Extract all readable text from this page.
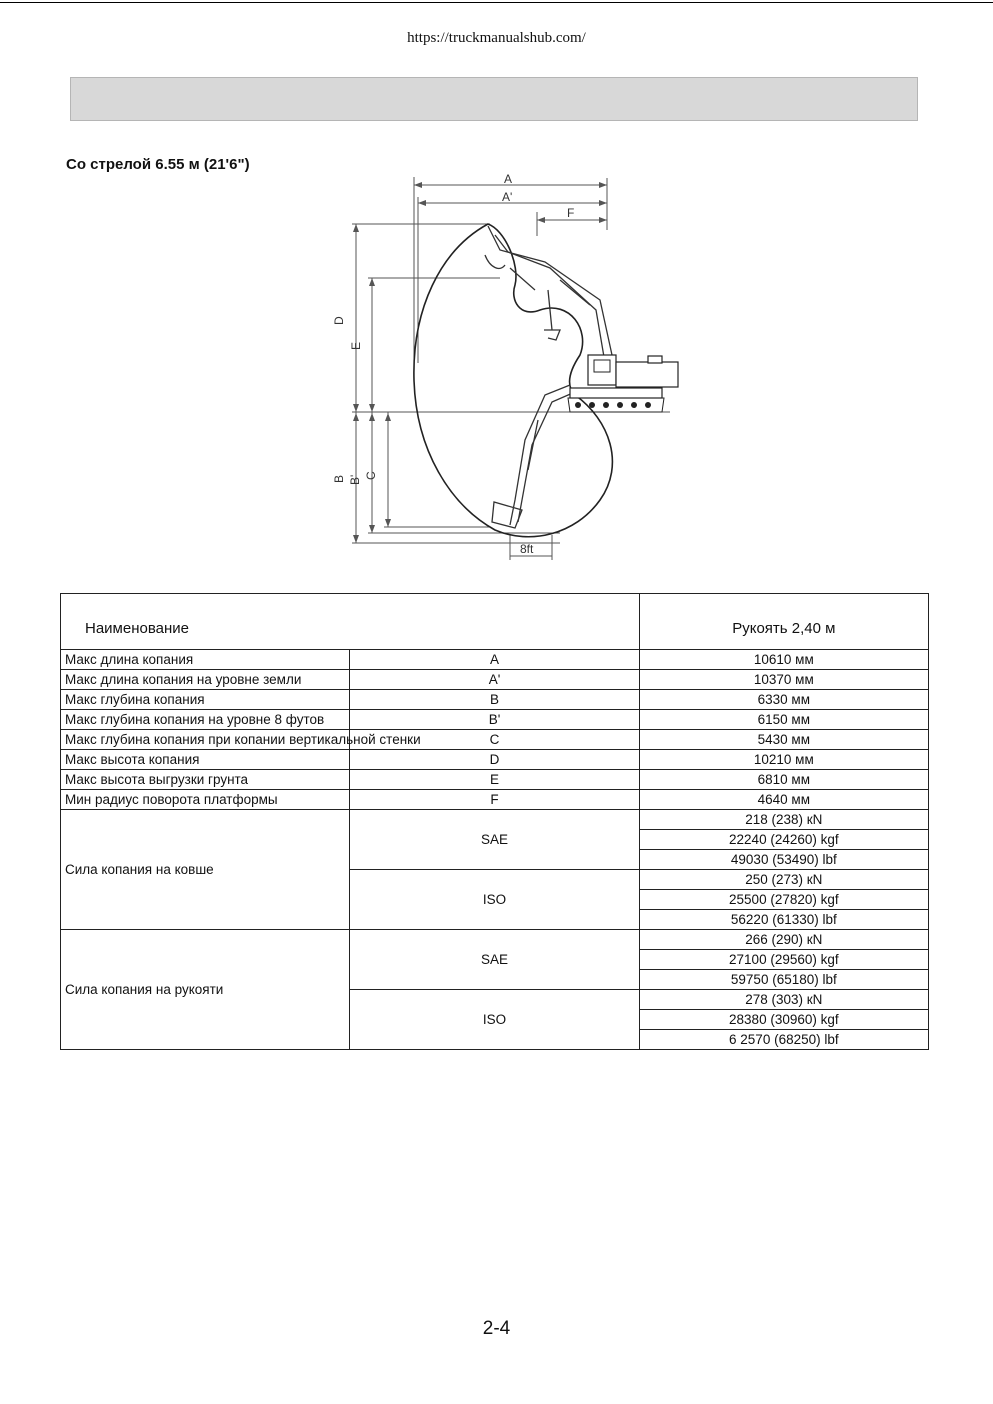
https://truckmanualshub.com/
Со стрелой 6.55 м (21'6")
A
A'
F
D
E
B B' C
8ft
Наименование		Рукоять 2,40 м
Макс длина копания	A	10610 мм
Макс длина копания на уровне земли	A'	10370 мм
Макс глубина копания	B	6330 мм
Макс глубина копания на уровне 8 футов	B'	6150 мм
Макс глубина копания при копании вертикальной стенки	C	5430 мм
Макс высота копания	D	10210 мм
Макс высота выгрузки грунта	E	6810 мм
Мин радиус поворота платформы	F	4640 мм
Сила копания на ковше	SAE	218 (238) кN
		22240 (24260) kgf
		49030 (53490) lbf
	ISO	250 (273) кN
		25500 (27820) kgf
		56220 (61330) lbf
Сила копания на рукояти	SAE	266 (290) кN
		27100 (29560) kgf
		59750 (65180) lbf
	ISO	278 (303) кN
		28380 (30960) kgf
		6 2570 (68250) lbf
2-4
